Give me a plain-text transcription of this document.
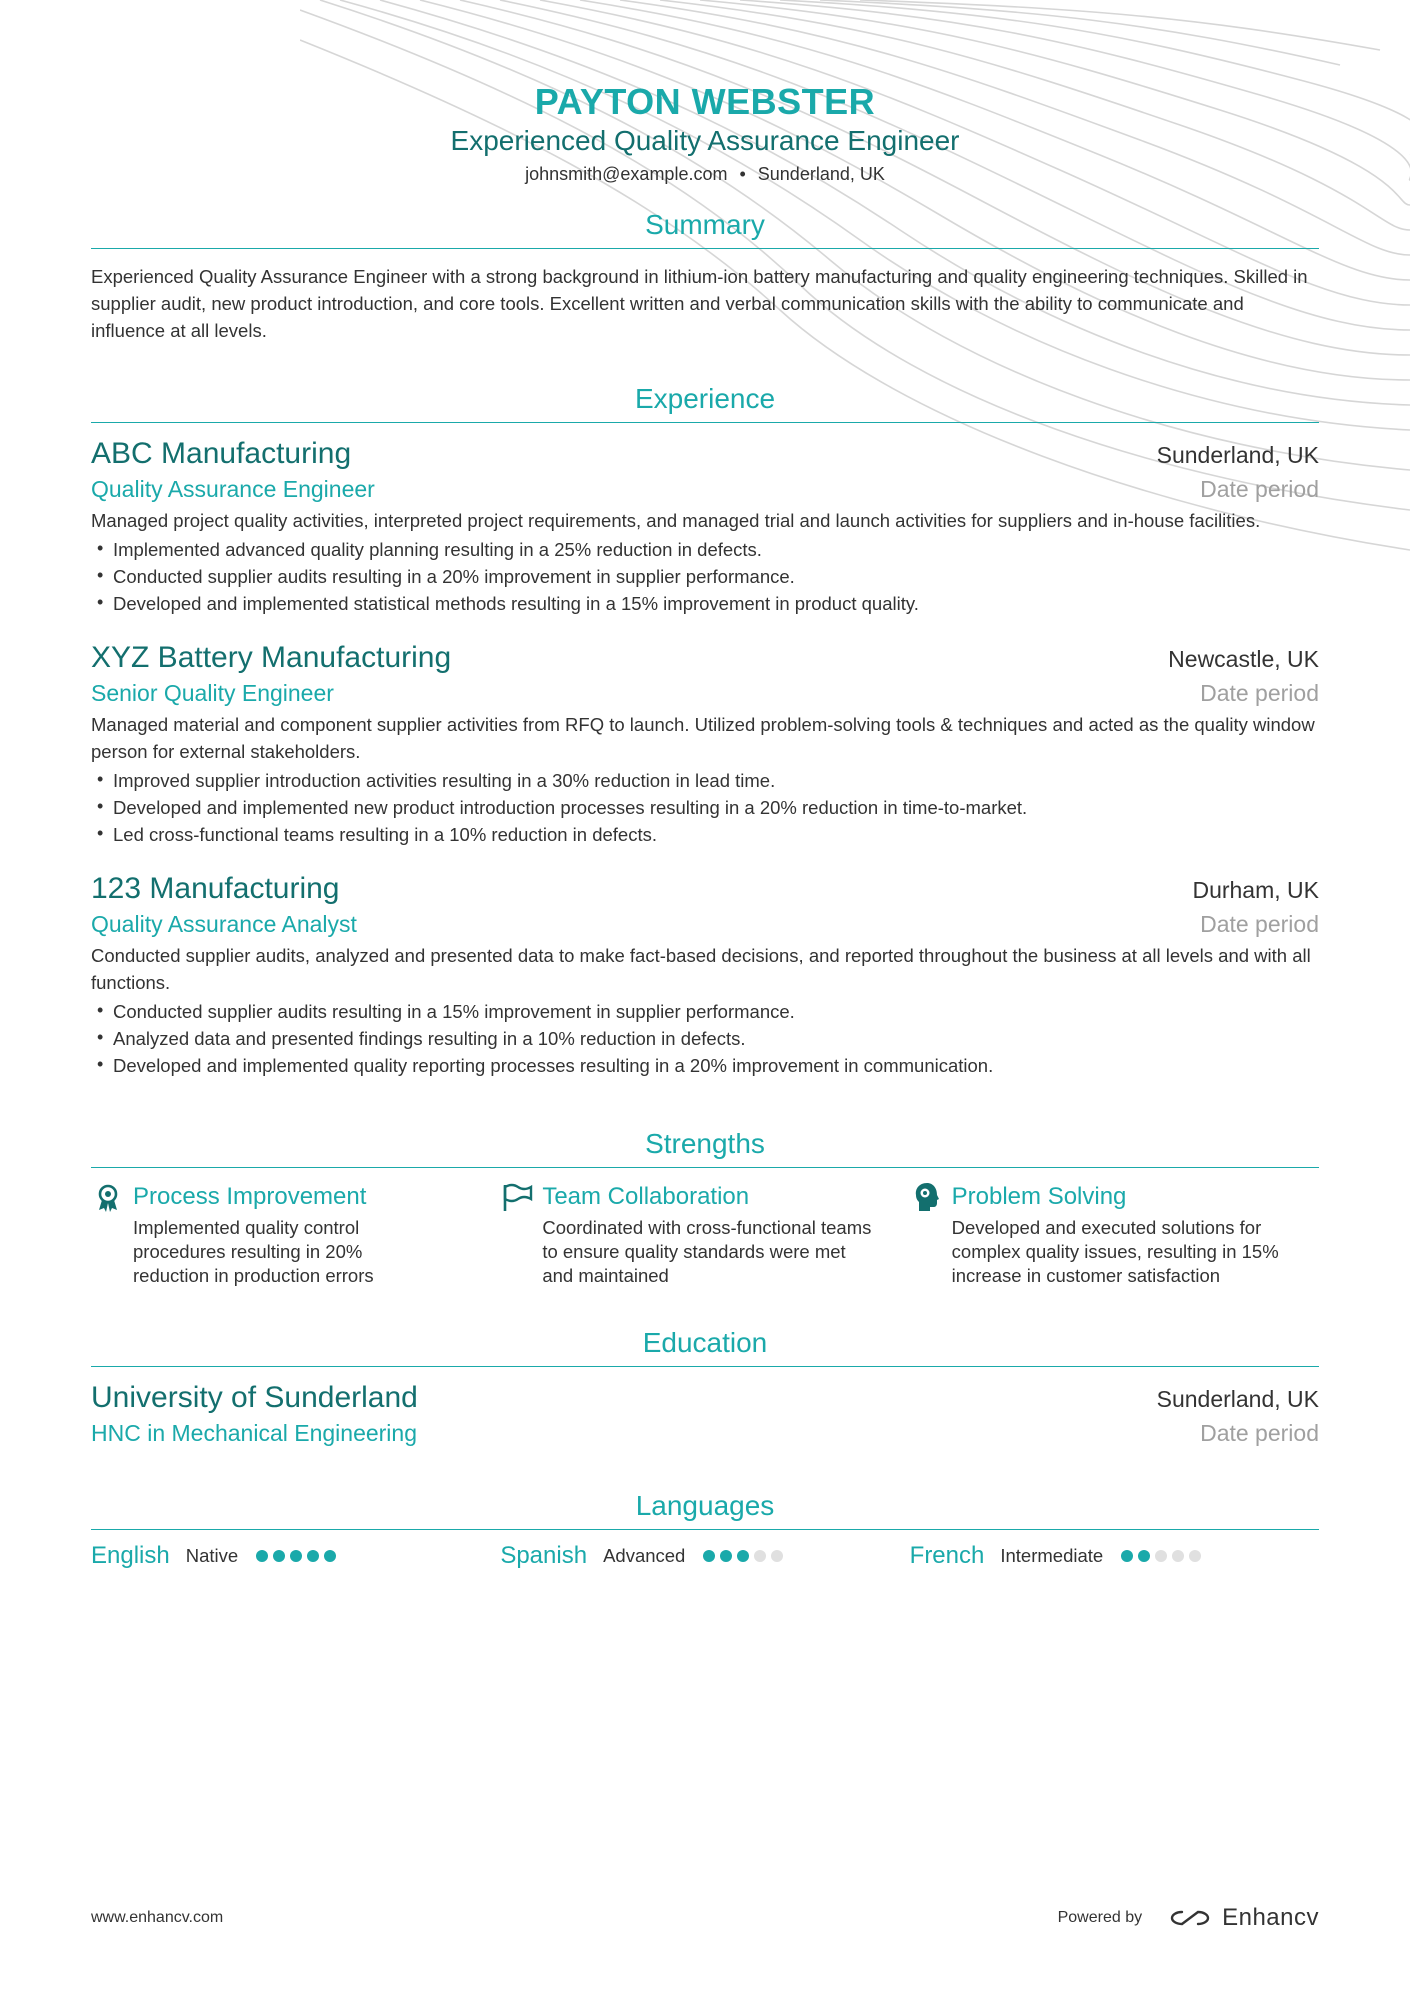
PAYTON WEBSTER
Experienced Quality Assurance Engineer
johnsmith@example.com • Sunderland, UK
Summary
Experienced Quality Assurance Engineer with a strong background in lithium-ion battery manufacturing and quality engineering techniques. Skilled in supplier audit, new product introduction, and core tools. Excellent written and verbal communication skills with the ability to communicate and influence at all levels.
Experience
ABC Manufacturing	Sunderland, UK
Quality Assurance Engineer	Date period
Managed project quality activities, interpreted project requirements, and managed trial and launch activities for suppliers and in-house facilities.
• Implemented advanced quality planning resulting in a 25% reduction in defects.
• Conducted supplier audits resulting in a 20% improvement in supplier performance.
• Developed and implemented statistical methods resulting in a 15% improvement in product quality.
XYZ Battery Manufacturing	Newcastle, UK
Senior Quality Engineer	Date period
Managed material and component supplier activities from RFQ to launch. Utilized problem-solving tools & techniques and acted as the quality window person for external stakeholders.
• Improved supplier introduction activities resulting in a 30% reduction in lead time.
• Developed and implemented new product introduction processes resulting in a 20% reduction in time-to-market.
• Led cross-functional teams resulting in a 10% reduction in defects.
123 Manufacturing	Durham, UK
Quality Assurance Analyst	Date period
Conducted supplier audits, analyzed and presented data to make fact-based decisions, and reported throughout the business at all levels and with all functions.
• Conducted supplier audits resulting in a 15% improvement in supplier performance.
• Analyzed data and presented findings resulting in a 10% reduction in defects.
• Developed and implemented quality reporting processes resulting in a 20% improvement in communication.
Strengths
Process Improvement
Implemented quality control procedures resulting in 20% reduction in production errors
Team Collaboration
Coordinated with cross-functional teams to ensure quality standards were met and maintained
Problem Solving
Developed and executed solutions for complex quality issues, resulting in 15% increase in customer satisfaction
Education
University of Sunderland	Sunderland, UK
HNC in Mechanical Engineering	Date period
Languages
English Native	Spanish Advanced	French Intermediate
www.enhancv.com	Powered by	Enhancv
